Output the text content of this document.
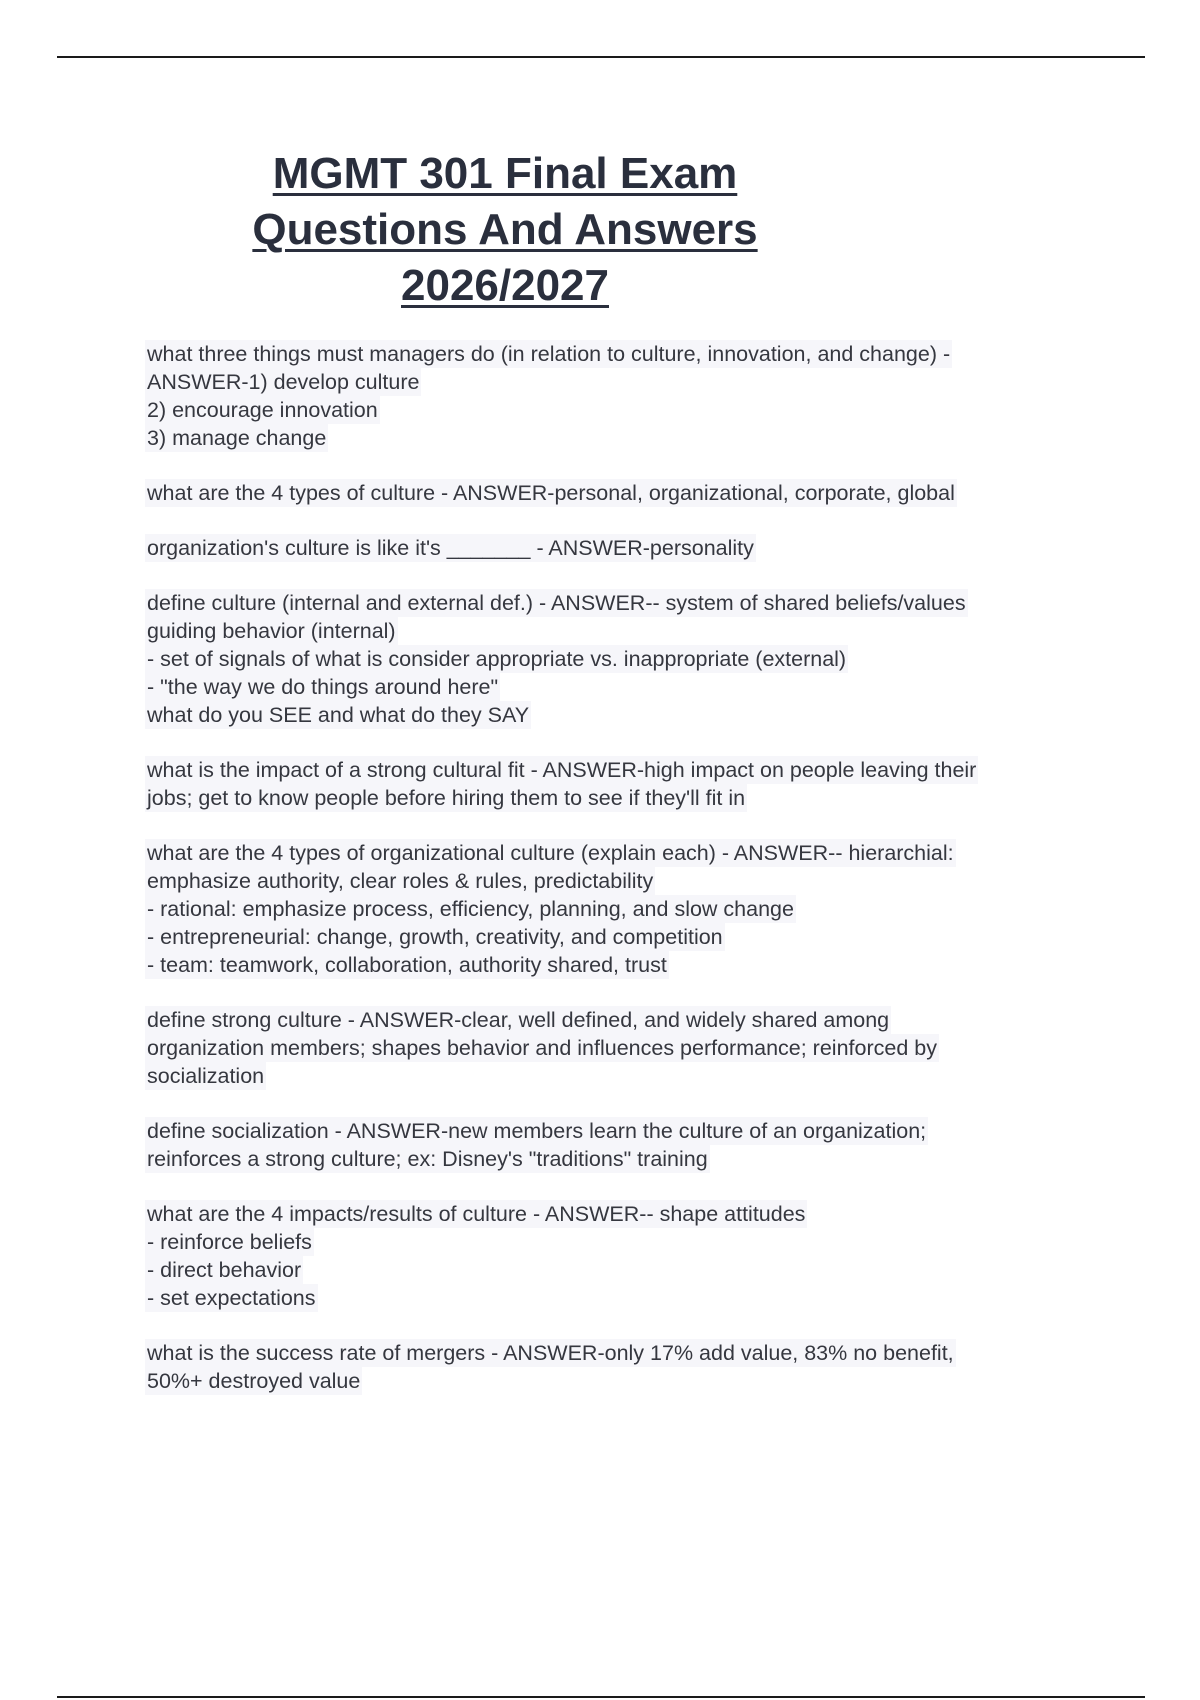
MGMT 301 Final Exam
Questions And Answers
2026/2027
what three things must managers do (in relation to culture, innovation, and change) -
ANSWER-1) develop culture
2) encourage innovation
3) manage change
what are the 4 types of culture - ANSWER-personal, organizational, corporate, global
organization's culture is like it's _______ - ANSWER-personality
define culture (internal and external def.) - ANSWER-- system of shared beliefs/values
guiding behavior (internal)
- set of signals of what is consider appropriate vs. inappropriate (external)
- "the way we do things around here"
what do you SEE and what do they SAY
what is the impact of a strong cultural fit - ANSWER-high impact on people leaving their
jobs; get to know people before hiring them to see if they'll fit in
what are the 4 types of organizational culture (explain each) - ANSWER-- hierarchial:
emphasize authority, clear roles & rules, predictability
- rational: emphasize process, efficiency, planning, and slow change
- entrepreneurial: change, growth, creativity, and competition
- team: teamwork, collaboration, authority shared, trust
define strong culture - ANSWER-clear, well defined, and widely shared among
organization members; shapes behavior and influences performance; reinforced by
socialization
define socialization - ANSWER-new members learn the culture of an organization;
reinforces a strong culture; ex: Disney's "traditions" training
what are the 4 impacts/results of culture - ANSWER-- shape attitudes
- reinforce beliefs
- direct behavior
- set expectations
what is the success rate of mergers - ANSWER-only 17% add value, 83% no benefit,
50%+ destroyed value
